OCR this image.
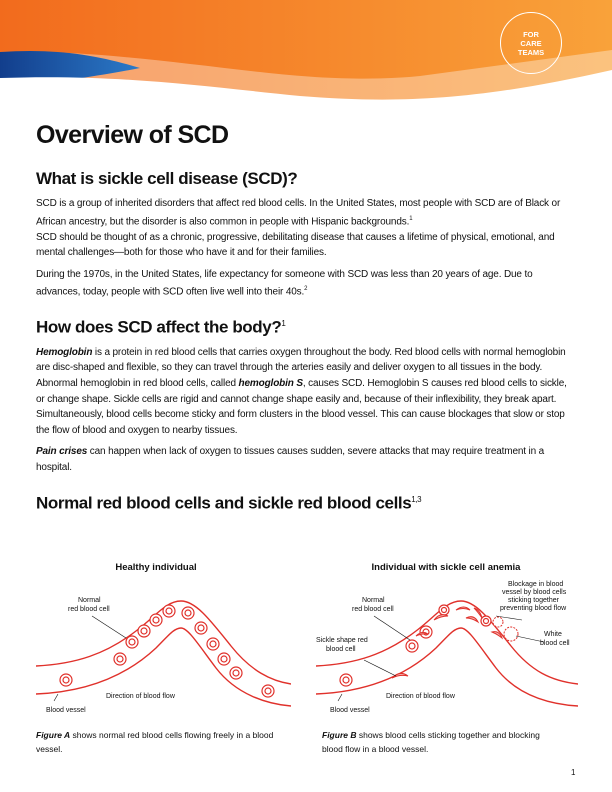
FOR
CARE
TEAMS
Overview of SCD
What is sickle cell disease (SCD)?

SCD is a group of inherited disorders that affect red blood cells. In the United States, most people with SCD are of Black or African ancestry, but the disorder is also common in people with Hispanic backgrounds.$^1$
SCD should be thought of as a chronic, progressive, debilitating disease that causes a lifetime of physical, emotional, and mental challenges—both for those who have it and for their families.

During the 1970s, in the United States, life expectancy for someone with SCD was less than 20 years of age. Due to advances, today, people with SCD often live well into their 40s.$^2$

How does SCD affect the body?$^1$

Hemoglobin is a protein in red blood cells that carries oxygen throughout the body. Red blood cells with normal hemoglobin are disc-shaped and flexible, so they can travel through the arteries easily and deliver oxygen to all tissues in the body. Abnormal hemoglobin in red blood cells, called hemoglobin S, causes SCD. Hemoglobin S causes red blood cells to sickle, or change shape. Sickle cells are rigid and cannot change shape easily and, because of their inflexibility, they break apart. Simultaneously, blood cells become sticky and form clusters in the blood vessel. This can cause blockages that slow or stop the flow of blood and oxygen to nearby tissues.

Pain crises can happen when lack of oxygen to tissues causes sudden, severe attacks that may require treatment in a hospital.

Normal red blood cells and sickle red blood cells$^{1,3}$
Healthy individual	Individual with sickle cell anemia
Normal
red blood cell
Direction of blood flow
Blood vessel
Normal
red blood cell
Blockage in blood
vessel by blood cells
sticking together
preventing blood flow
White
blood cell
Sickle shape red
blood cell
Direction of blood flow
Blood vessel
Figure A shows normal red blood cells flowing freely in a blood vessel.
Figure B shows blood cells sticking together and blocking blood flow in a blood vessel.
1
